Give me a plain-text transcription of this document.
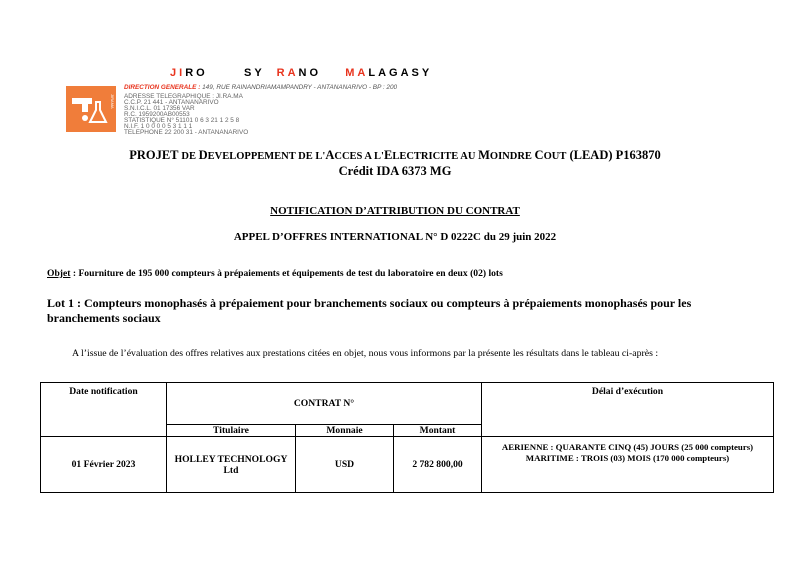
JIRAMA
JIRO	SY RANO MALAGASY
DIRECTION GENERALE : 149, RUE RAINANDRIAMAMPANDRY - ANTANANARIVO - BP : 200
ADRESSE TELEGRAPHIQUE : JI.RA.MA
C.C.P. 21 441 - ANTANANARIVO
S.N.I.C.L. 01 17356 VAR
R.C. 1959200AB00553
STATISTIQUE N° 51101 0 6 3 21 1 2 5 8
N.I.F. 1 0 0 0 0 5 3 1 1 1
TELEPHONE 22 200 31 - ANTANANARIVO
PROJET DE DEVELOPPEMENT DE L'ACCES A L'ELECTRICITE AU MOINDRE COUT (LEAD) P163870
Crédit IDA 6373 MG
NOTIFICATION D’ATTRIBUTION DU CONTRAT
APPEL D’OFFRES INTERNATIONAL N° D 0222C du 29 juin 2022
Objet : Fourniture de 195 000 compteurs à prépaiements et équipements de test du laboratoire en deux (02) lots
Lot 1 : Compteurs monophasés à prépaiement pour branchements sociaux ou compteurs à prépaiements monophasés pour les branchements sociaux
A l’issue de l’évaluation des offres relatives aux prestations citées en objet, nous vous informons par la présente les résultats dans le tableau ci-après :
Date notification	CONTRAT N°			Délai d’exécution
	Titulaire	Monnaie	Montant	
01 Février 2023	HOLLEY TECHNOLOGY Ltd	USD	2 782 800,00	AERIENNE : QUARANTE CINQ (45) JOURS (25 000 compteurs)
MARITIME : TROIS (03) MOIS (170 000 compteurs)
